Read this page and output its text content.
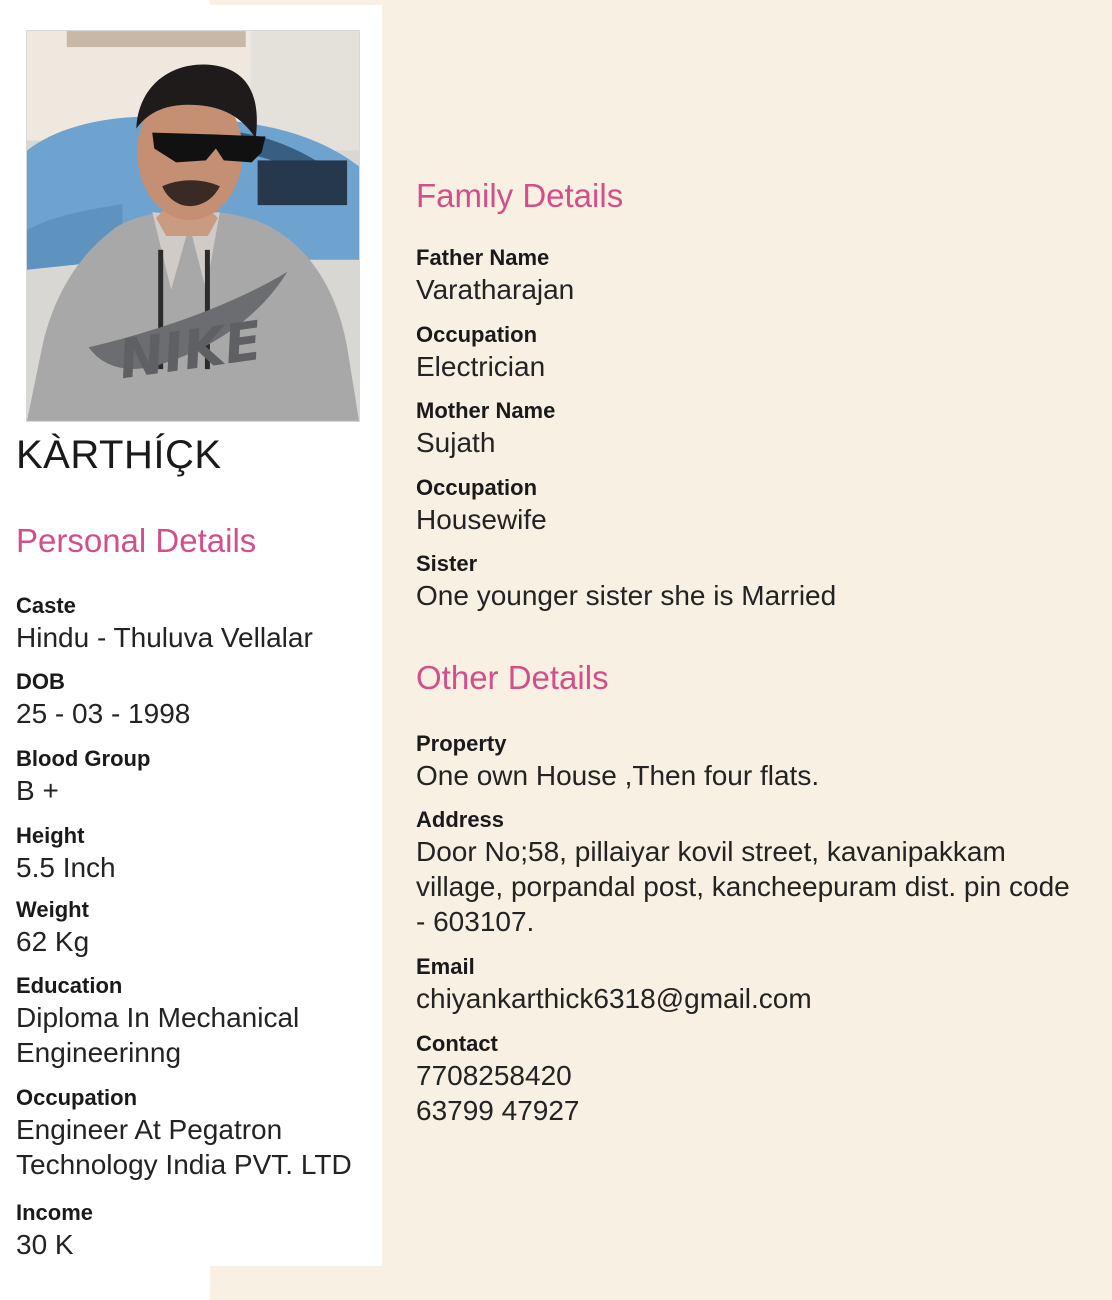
NIKE
KÀRTHÍÇK
Personal Details
Caste
Hindu - Thuluva Vellalar
DOB
25 - 03 - 1998
Blood Group
B +
Height
5.5 Inch
Weight
62 Kg
Education
Diploma In Mechanical
Engineerinng
Occupation
Engineer At Pegatron
Technology India PVT. LTD
Income
30 K
Family Details
Father Name
Varatharajan
Occupation
Electrician
Mother Name
Sujath
Occupation
Housewife
Sister
One younger sister she is Married
Other Details
Property
One own House ,Then four flats.
Address
Door No;58, pillaiyar kovil street, kavanipakkam
village, porpandal post, kancheepuram dist. pin code
- 603107.
Email
chiyankarthick6318@gmail.com
Contact
7708258420
63799 47927
